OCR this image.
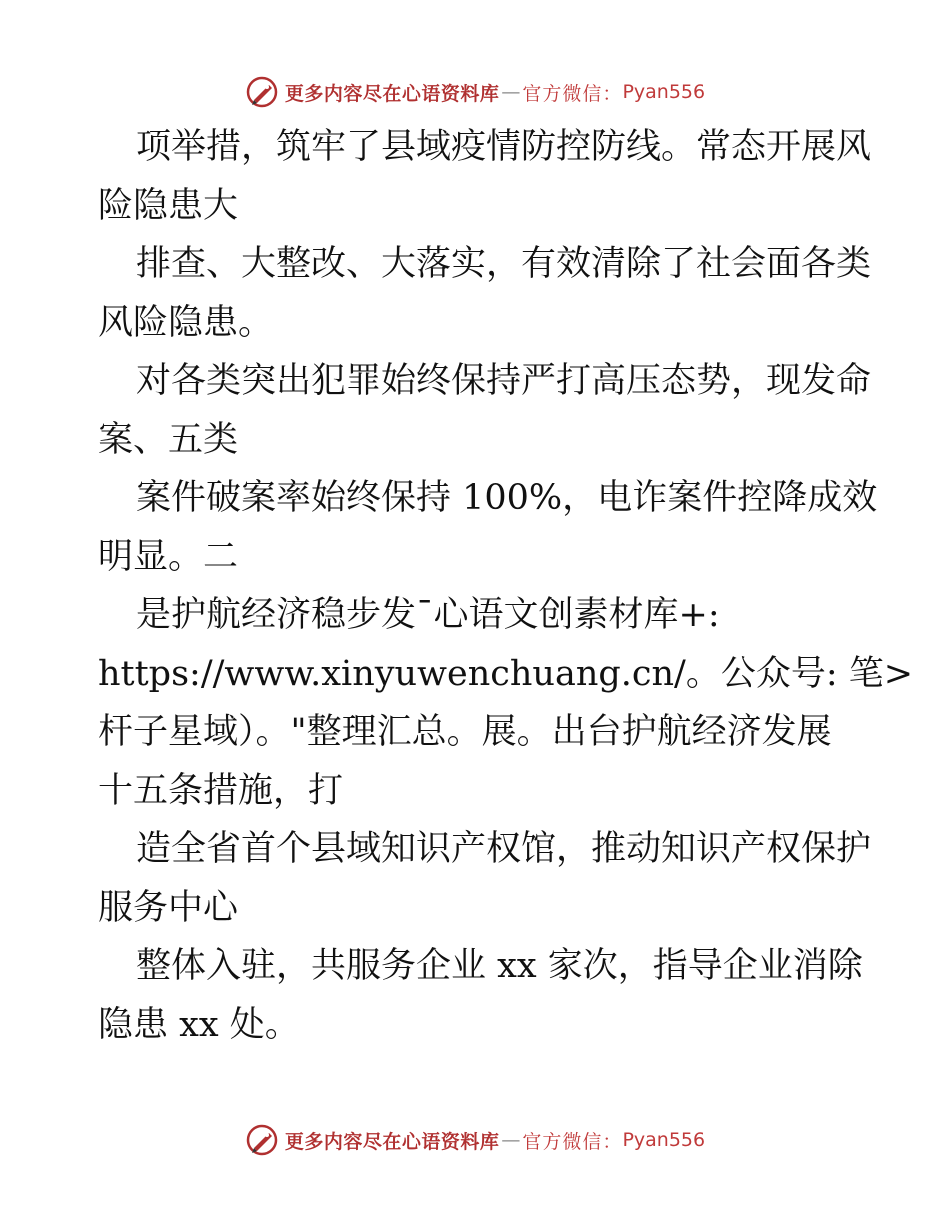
更多内容尽在心语资料库 — 官方微信： Pyan556
项举措，筑牢了县域疫情防控防线。常态开展风
险隐患大
排查、大整改、大落实，有效清除了社会面各类
风险隐患。
对各类突出犯罪始终保持严打高压态势，现发命
案、五类
案件破案率始终保持 100%，电诈案件控降成效
明显。二
是护航经济稳步发¯心语文创素材库+:
https://www.xinyuwenchuang.cn/。公众号: 笔>
杆子星域）。"整理汇总。展。出台护航经济发展
十五条措施，打
造全省首个县域知识产权馆，推动知识产权保护
服务中心
整体入驻，共服务企业 xx 家次，指导企业消除
隐患 xx 处。
更多内容尽在心语资料库 — 官方微信： Pyan556
